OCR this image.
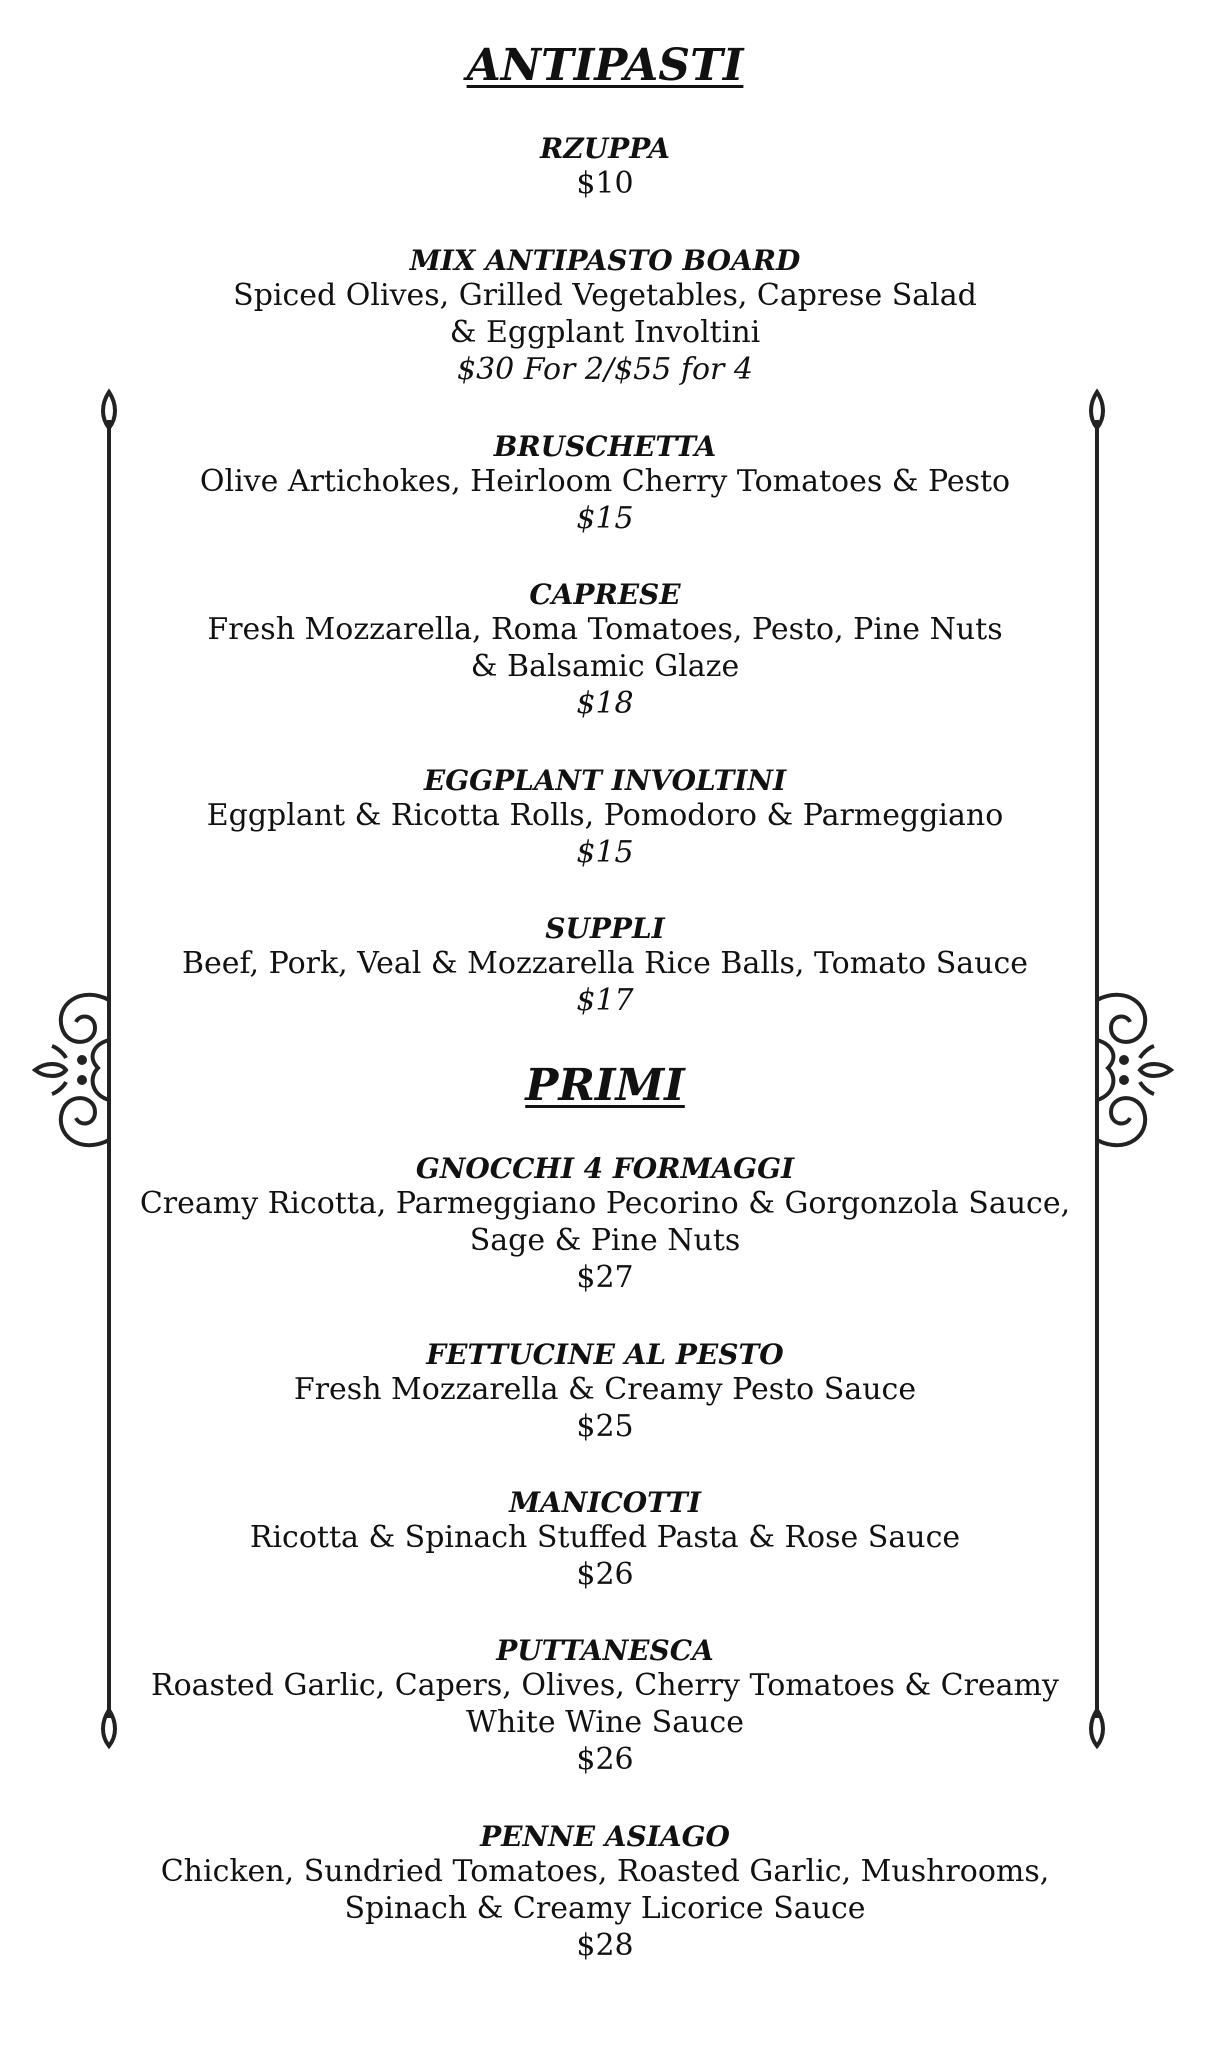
ANTIPASTI
RZUPPA
$10
MIX ANTIPASTO BOARD
Spiced Olives, Grilled Vegetables, Caprese Salad
& Eggplant Involtini
$30 For 2/$55 for 4
BRUSCHETTA
Olive Artichokes, Heirloom Cherry Tomatoes & Pesto
$15
CAPRESE
Fresh Mozzarella, Roma Tomatoes, Pesto, Pine Nuts
& Balsamic Glaze
$18
EGGPLANT INVOLTINI
Eggplant & Ricotta Rolls, Pomodoro & Parmeggiano
$15
SUPPLI
Beef, Pork, Veal & Mozzarella Rice Balls, Tomato Sauce
$17
PRIMI
GNOCCHI 4 FORMAGGI
Creamy Ricotta, Parmeggiano Pecorino & Gorgonzola Sauce,
Sage & Pine Nuts
$27
FETTUCINE AL PESTO
Fresh Mozzarella & Creamy Pesto Sauce
$25
MANICOTTI
Ricotta & Spinach Stuffed Pasta & Rose Sauce
$26
PUTTANESCA
Roasted Garlic, Capers, Olives, Cherry Tomatoes & Creamy
White Wine Sauce
$26
PENNE ASIAGO
Chicken, Sundried Tomatoes, Roasted Garlic, Mushrooms,
Spinach & Creamy Licorice Sauce
$28
